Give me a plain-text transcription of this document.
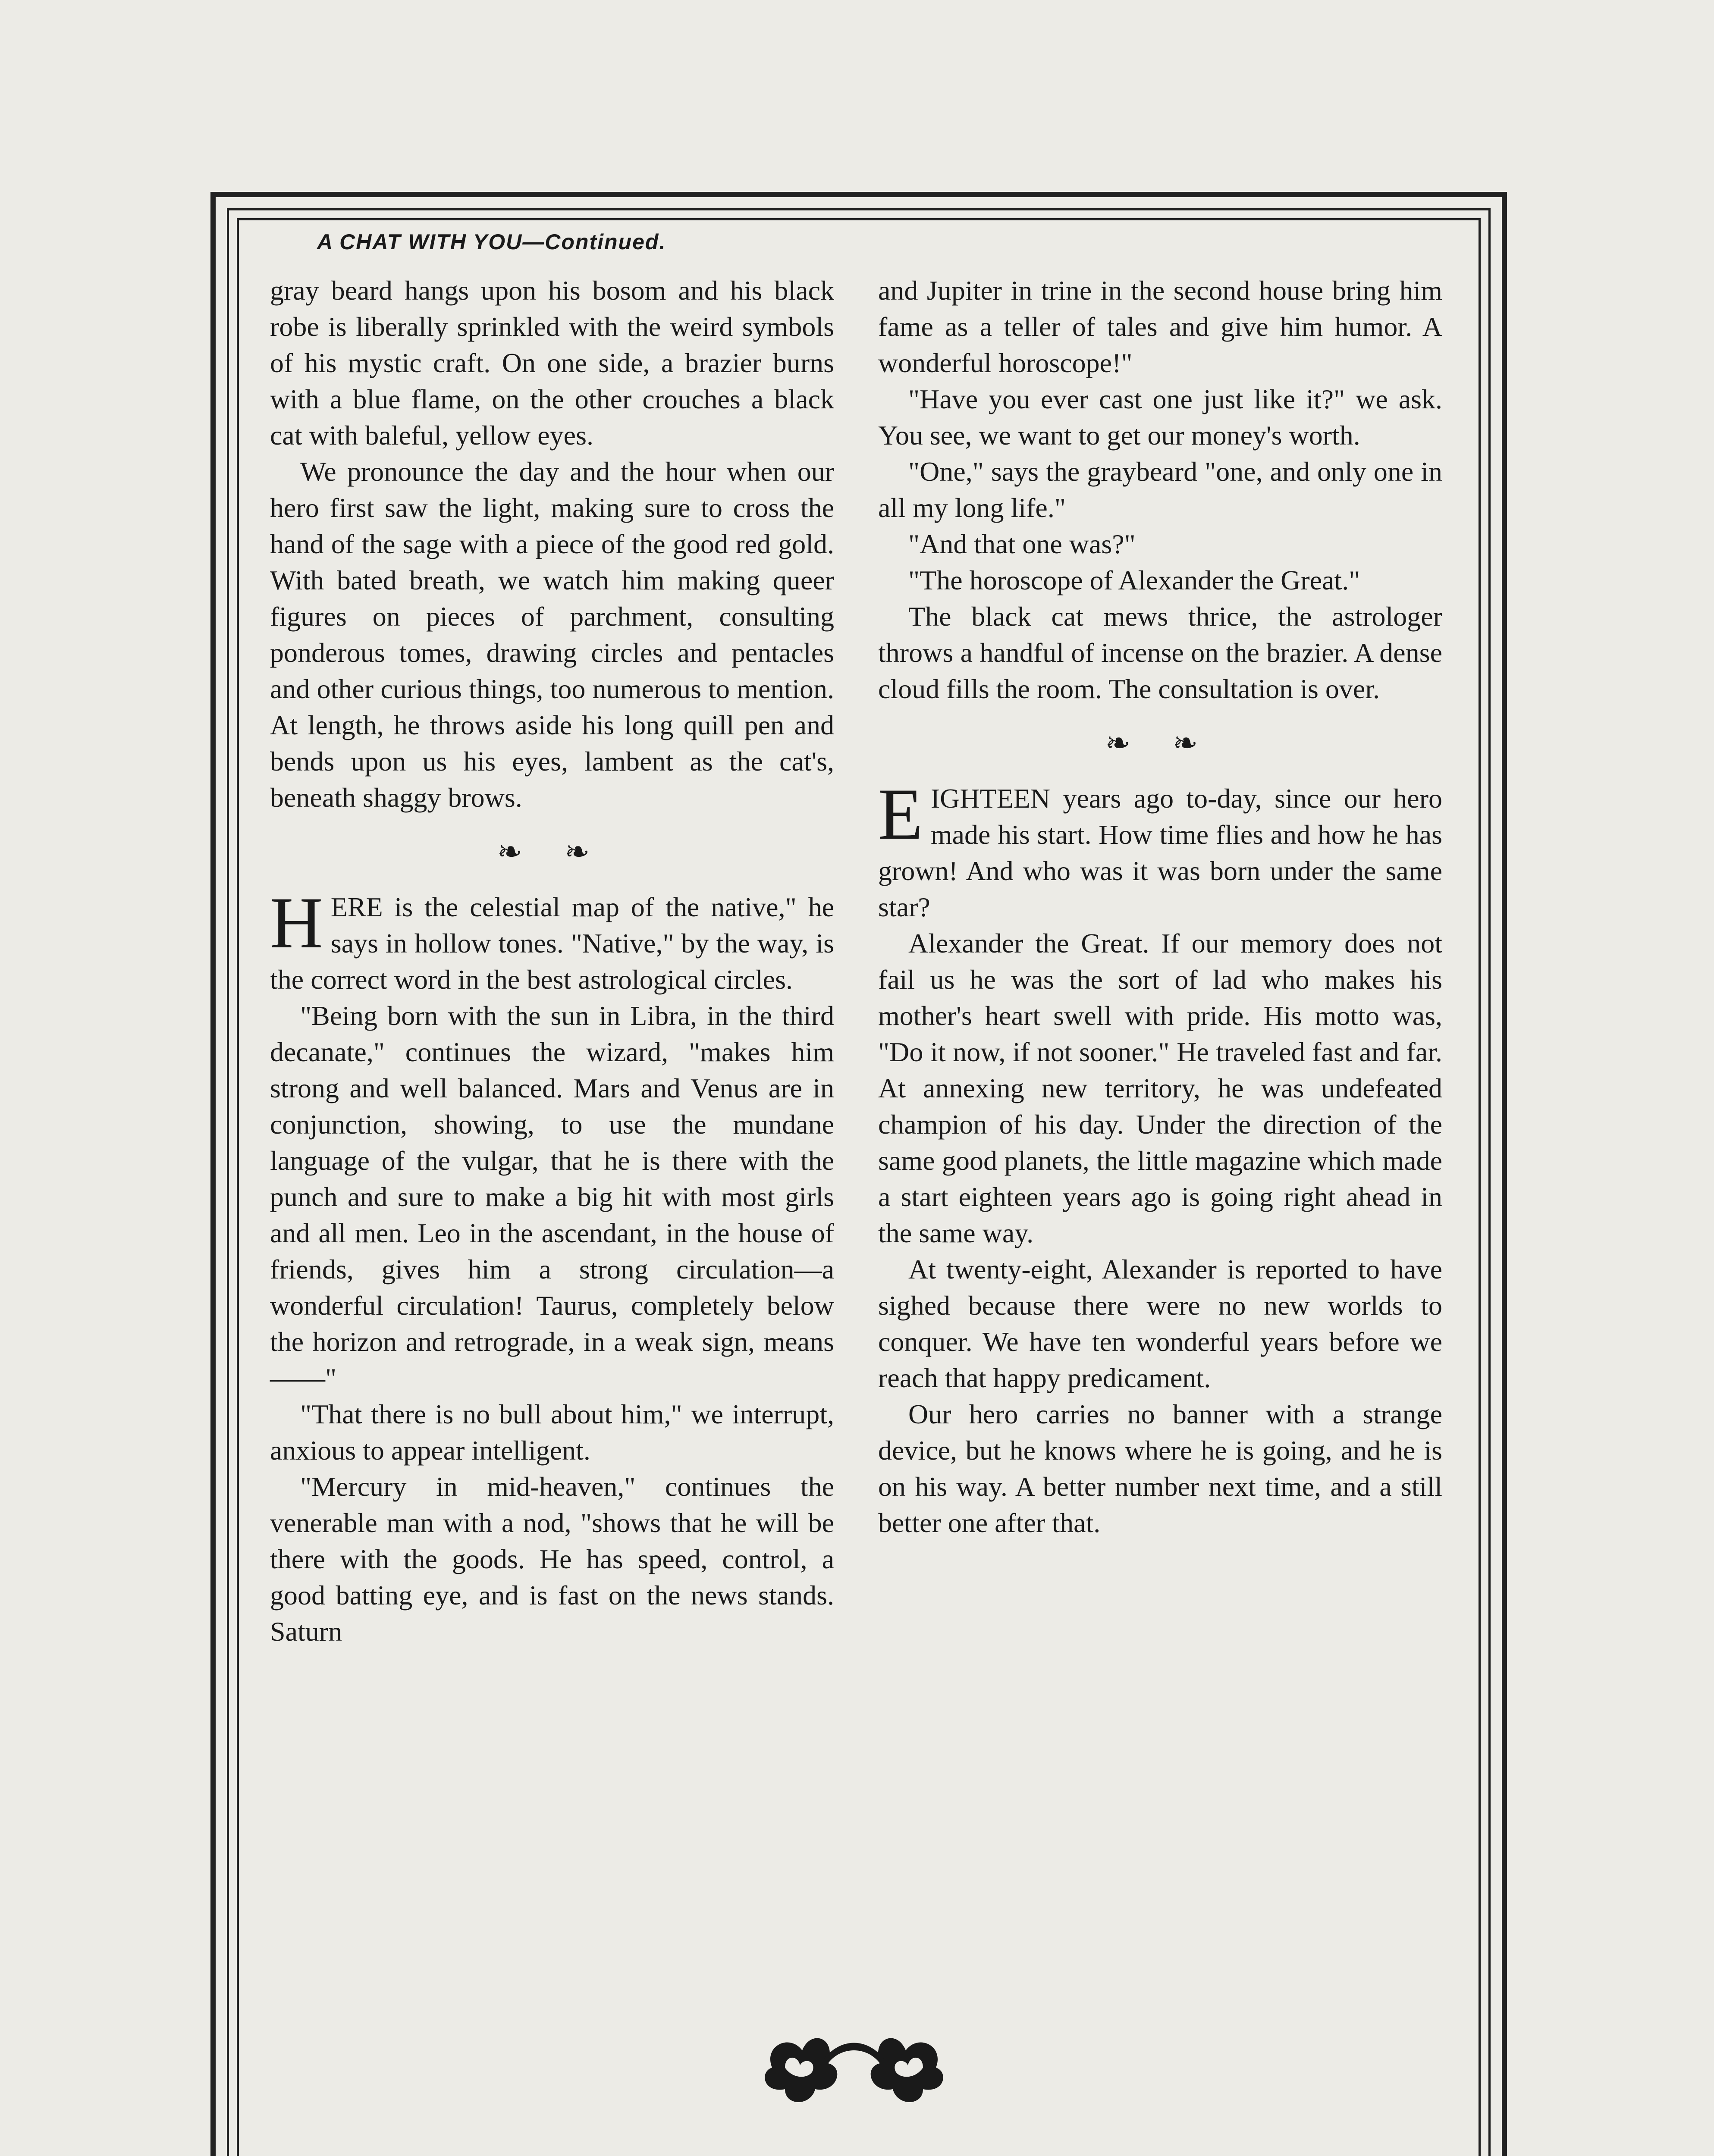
A CHAT WITH YOU—Continued.

gray beard hangs upon his bosom and his black robe is liberally sprinkled with the weird symbols of his mystic craft. On one side, a brazier burns with a blue flame, on the other crouches a black cat with baleful, yellow eyes.

We pronounce the day and the hour when our hero first saw the light, making sure to cross the hand of the sage with a piece of the good red gold. With bated breath, we watch him making queer figures on pieces of parchment, consulting ponderous tomes, drawing circles and pentacles and other curious things, too numerous to mention. At length, he throws aside his long quill pen and bends upon us his eyes, lambent as the cat's, beneath shaggy brows.

❧ ❧

HERE is the celestial map of the native," he says in hollow tones. "Native," by the way, is the correct word in the best astrological circles.

"Being born with the sun in Libra, in the third decanate," continues the wizard, "makes him strong and well balanced. Mars and Venus are in conjunction, showing, to use the mundane language of the vulgar, that he is there with the punch and sure to make a big hit with most girls and all men. Leo in the ascendant, in the house of friends, gives him a strong circulation—a wonderful circulation! Taurus, completely below the horizon and retrograde, in a weak sign, means——"

"That there is no bull about him," we interrupt, anxious to appear intelligent.

"Mercury in mid-heaven," continues the venerable man with a nod, "shows that he will be there with the goods. He has speed, control, a good batting eye, and is fast on the news stands. Saturn

and Jupiter in trine in the second house bring him fame as a teller of tales and give him humor. A wonderful horoscope!"

"Have you ever cast one just like it?" we ask. You see, we want to get our money's worth.

"One," says the graybeard "one, and only one in all my long life."

"And that one was?"

"The horoscope of Alexander the Great."

The black cat mews thrice, the astrologer throws a handful of incense on the brazier. A dense cloud fills the room. The consultation is over.

❧ ❧

EIGHTEEN years ago to-day, since our hero made his start. How time flies and how he has grown! And who was it was born under the same star?

Alexander the Great. If our memory does not fail us he was the sort of lad who makes his mother's heart swell with pride. His motto was, "Do it now, if not sooner." He traveled fast and far. At annexing new territory, he was undefeated champion of his day. Under the direction of the same good planets, the little magazine which made a start eighteen years ago is going right ahead in the same way.

At twenty-eight, Alexander is reported to have sighed because there were no new worlds to conquer. We have ten wonderful years before we reach that happy predicament.

Our hero carries no banner with a strange device, but he knows where he is going, and he is on his way. A better number next time, and a still better one after that.
